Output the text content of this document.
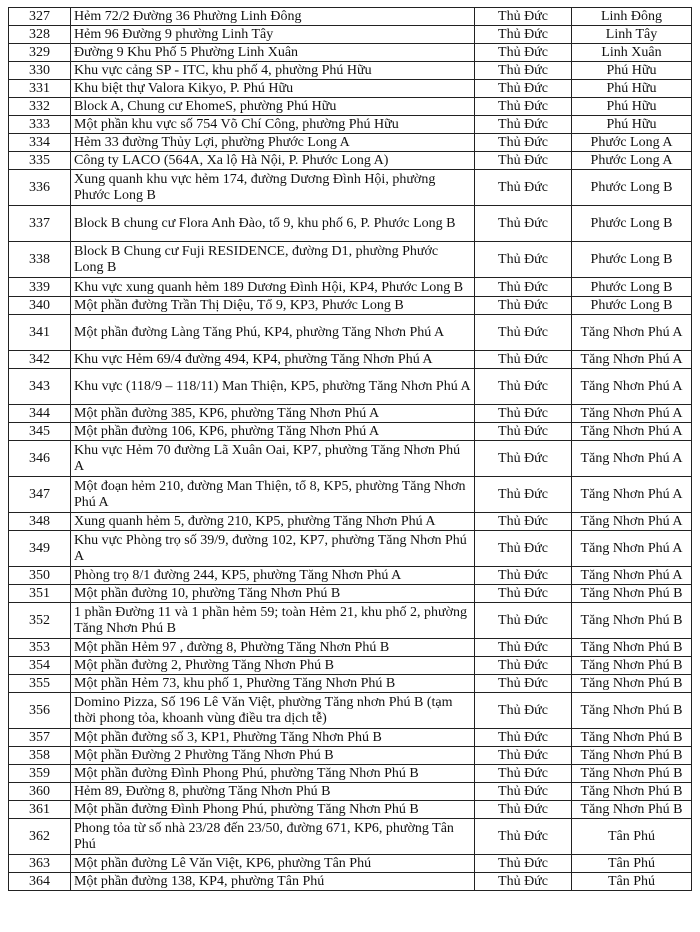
327	Hẻm 72/2 Đường 36 Phường Linh Đông	Thủ Đức	Linh Đông
328	Hẻm 96 Đường 9 phường Linh Tây	Thủ Đức	Linh Tây
329	Đường 9 Khu Phố 5 Phường Linh Xuân	Thủ Đức	Linh Xuân
330	Khu vực cảng SP - ITC, khu phố 4, phường Phú Hữu	Thủ Đức	Phú Hữu
331	Khu biệt thự Valora Kikyo, P. Phú Hữu	Thủ Đức	Phú Hữu
332	Block A, Chung cư EhomeS, phường Phú Hữu	Thủ Đức	Phú Hữu
333	Một phần khu vực số 754 Võ Chí Công, phường Phú Hữu	Thủ Đức	Phú Hữu
334	Hẻm 33 đường Thủy Lợi, phường Phước Long A	Thủ Đức	Phước Long A
335	Công ty LACO (564A, Xa lộ Hà Nội, P. Phước Long A)	Thủ Đức	Phước Long A
336	Xung quanh khu vực hẻm 174, đường Dương Đình Hội, phường Phước Long B	Thủ Đức	Phước Long B
337	Block B chung cư Flora Anh Đào, tổ 9, khu phố 6, P. Phước Long B	Thủ Đức	Phước Long B
338	Block B Chung cư Fuji RESIDENCE, đường D1, phường Phước Long B	Thủ Đức	Phước Long B
339	Khu vực xung quanh hẻm 189 Dương Đình Hội, KP4, Phước Long B	Thủ Đức	Phước Long B
340	Một phần đường Trần Thị Diệu, Tổ 9, KP3, Phước Long B	Thủ Đức	Phước Long B
341	Một phần đường Làng Tăng Phú, KP4, phường Tăng Nhơn Phú A	Thủ Đức	Tăng Nhơn Phú A
342	Khu vực Hẻm 69/4 đường 494, KP4, phường Tăng Nhơn Phú A	Thủ Đức	Tăng Nhơn Phú A
343	Khu vực (118/9 – 118/11) Man Thiện, KP5, phường Tăng Nhơn Phú A	Thủ Đức	Tăng Nhơn Phú A
344	Một phần đường 385, KP6, phường Tăng Nhơn Phú A	Thủ Đức	Tăng Nhơn Phú A
345	Một phần đường 106, KP6, phường Tăng Nhơn Phú A	Thủ Đức	Tăng Nhơn Phú A
346	Khu vực Hẻm 70 đường Lã Xuân Oai, KP7, phường Tăng Nhơn Phú A	Thủ Đức	Tăng Nhơn Phú A
347	Một đoạn hẻm 210, đường Man Thiện, tổ 8, KP5, phường Tăng Nhơn Phú A	Thủ Đức	Tăng Nhơn Phú A
348	Xung quanh hẻm 5, đường 210, KP5, phường Tăng Nhơn Phú A	Thủ Đức	Tăng Nhơn Phú A
349	Khu vực Phòng trọ số 39/9, đường 102, KP7, phường Tăng Nhơn Phú A	Thủ Đức	Tăng Nhơn Phú A
350	Phòng trọ 8/1 đường 244, KP5, phường Tăng Nhơn Phú A	Thủ Đức	Tăng Nhơn Phú A
351	Một phần đường 10, phường Tăng Nhơn Phú B	Thủ Đức	Tăng Nhơn Phú B
352	1 phần Đường 11 và 1 phần hẻm 59; toàn Hẻm 21, khu phố 2, phường Tăng Nhơn Phú B	Thủ Đức	Tăng Nhơn Phú B
353	Một phần Hẻm 97 , đường 8, Phường Tăng Nhơn Phú B	Thủ Đức	Tăng Nhơn Phú B
354	Một phần đường 2, Phường Tăng Nhơn Phú B	Thủ Đức	Tăng Nhơn Phú B
355	Một phần Hẻm 73, khu phố 1, Phường Tăng Nhơn Phú B	Thủ Đức	Tăng Nhơn Phú B
356	Domino Pizza, Số 196 Lê Văn Việt, phường Tăng nhơn Phú B (tạm thời phong tỏa, khoanh vùng điều tra dịch tễ)	Thủ Đức	Tăng Nhơn Phú B
357	Một phần đường số 3, KP1, Phường Tăng Nhơn Phú B	Thủ Đức	Tăng Nhơn Phú B
358	Một phần Đường 2 Phường Tăng Nhơn Phú B	Thủ Đức	Tăng Nhơn Phú B
359	Một phần đường Đình Phong Phú, phường Tăng Nhơn Phú B	Thủ Đức	Tăng Nhơn Phú B
360	Hẻm 89, Đường 8, phường Tăng Nhơn Phú B	Thủ Đức	Tăng Nhơn Phú B
361	Một phần đường Đình Phong Phú, phường Tăng Nhơn Phú B	Thủ Đức	Tăng Nhơn Phú B
362	Phong tỏa từ số nhà 23/28 đến 23/50, đường 671, KP6, phường Tân Phú	Thủ Đức	Tân Phú
363	Một phần đường Lê Văn Việt, KP6, phường Tân Phú	Thủ Đức	Tân Phú
364	Một phần đường 138, KP4, phường Tân Phú	Thủ Đức	Tân Phú
